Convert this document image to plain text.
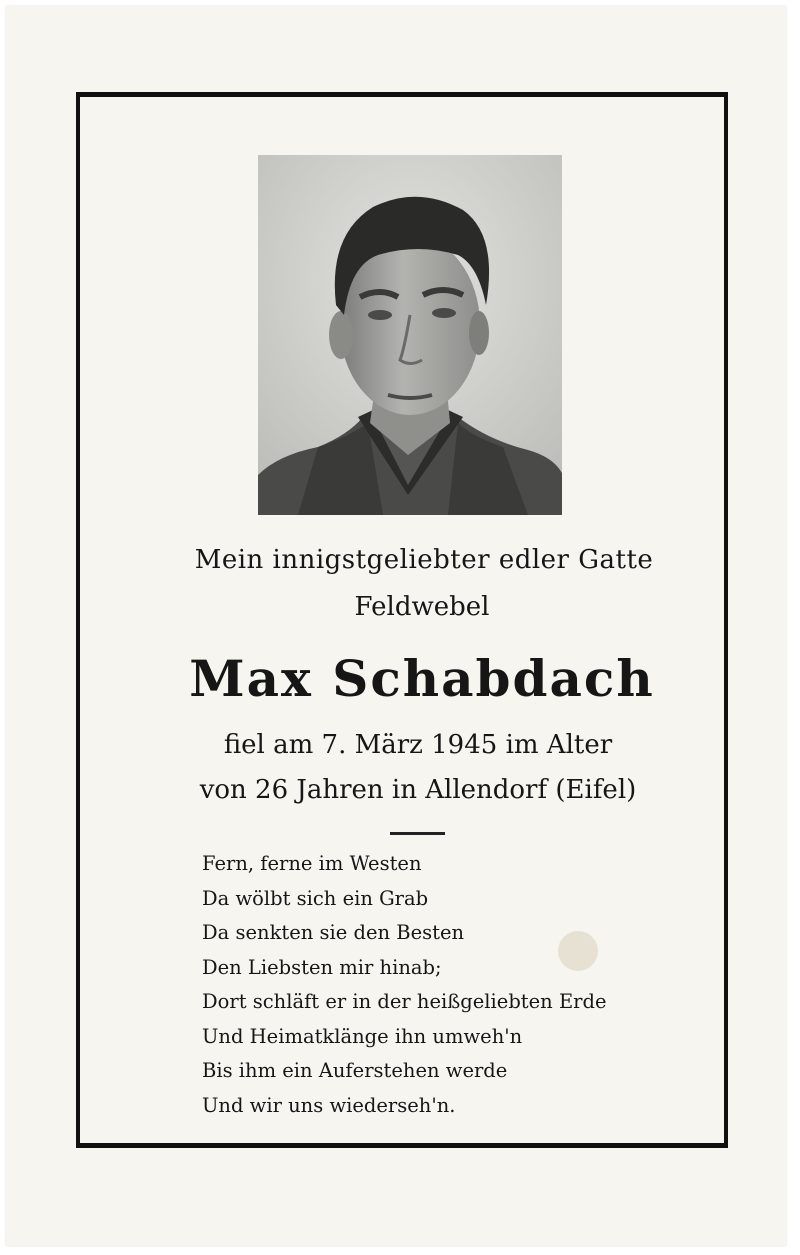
Mein innigstgeliebter edler Gatte

Feldwebel

Max Schabdach

fiel am 7. März 1945 im Alter

von 26 Jahren in Allendorf (Eifel)

Fern, ferne im Westen
Da wölbt sich ein Grab
Da senkten sie den Besten
Den Liebsten mir hinab;
Dort schläft er in der heißgeliebten Erde
Und Heimatklänge ihn umweh'n
Bis ihm ein Auferstehen werde
Und wir uns wiederseh'n.
